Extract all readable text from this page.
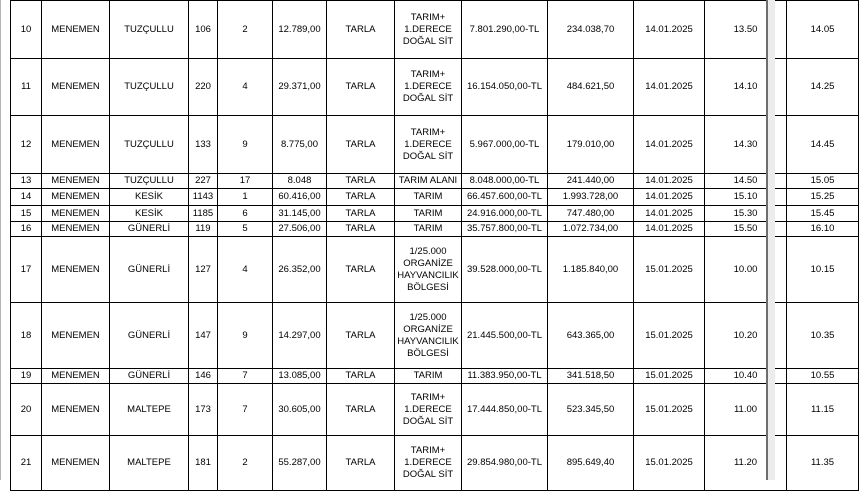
10	MENEMEN	TUZÇULLU	106	2	12.789,00	TARLA	TARIM+
1.DERECE
DOĞAL SİT	7.801.290,00-TL	234.038,70	14.01.2025	13.50	14.05
11	MENEMEN	TUZÇULLU	220	4	29.371,00	TARLA	TARIM+
1.DERECE
DOĞAL SİT	16.154.050,00-TL	484.621,50	14.01.2025	14.10	14.25
12	MENEMEN	TUZÇULLU	133	9	8.775,00	TARLA	TARIM+
1.DERECE
DOĞAL SİT	5.967.000,00-TL	179.010,00	14.01.2025	14.30	14.45
13	MENEMEN	TUZÇULLU	227	17	8.048	TARLA	TARIM ALANI	8.048.000,00-TL	241.440,00	14.01.2025	14.50	15.05
14	MENEMEN	KESİK	1143	1	60.416,00	TARLA	TARIM	66.457.600,00-TL	1.993.728,00	14.01.2025	15.10	15.25
15	MENEMEN	KESİK	1185	6	31.145,00	TARLA	TARIM	24.916.000,00-TL	747.480,00	14.01.2025	15.30	15.45
16	MENEMEN	GÜNERLİ	119	5	27.506,00	TARLA	TARIM	35.757.800,00-TL	1.072.734,00	14.01.2025	15.50	16.10
17	MENEMEN	GÜNERLİ	127	4	26.352,00	TARLA	1/25.000
ORGANİZE
HAYVANCILIK
BÖLGESİ	39.528.000,00-TL	1.185.840,00	15.01.2025	10.00	10.15
18	MENEMEN	GÜNERLİ	147	9	14.297,00	TARLA	1/25.000
ORGANİZE
HAYVANCILIK
BÖLGESİ	21.445.500,00-TL	643.365,00	15.01.2025	10.20	10.35
19	MENEMEN	GÜNERLİ	146	7	13.085,00	TARLA	TARIM	11.383.950,00-TL	341.518,50	15.01.2025	10.40	10.55
20	MENEMEN	MALTEPE	173	7	30.605,00	TARLA	TARIM+
1.DERECE
DOĞAL SİT	17.444.850,00-TL	523.345,50	15.01.2025	11.00	11.15
21	MENEMEN	MALTEPE	181	2	55.287,00	TARLA	TARIM+
1.DERECE
DOĞAL SİT	29.854.980,00-TL	895.649,40	15.01.2025	11.20	11.35
